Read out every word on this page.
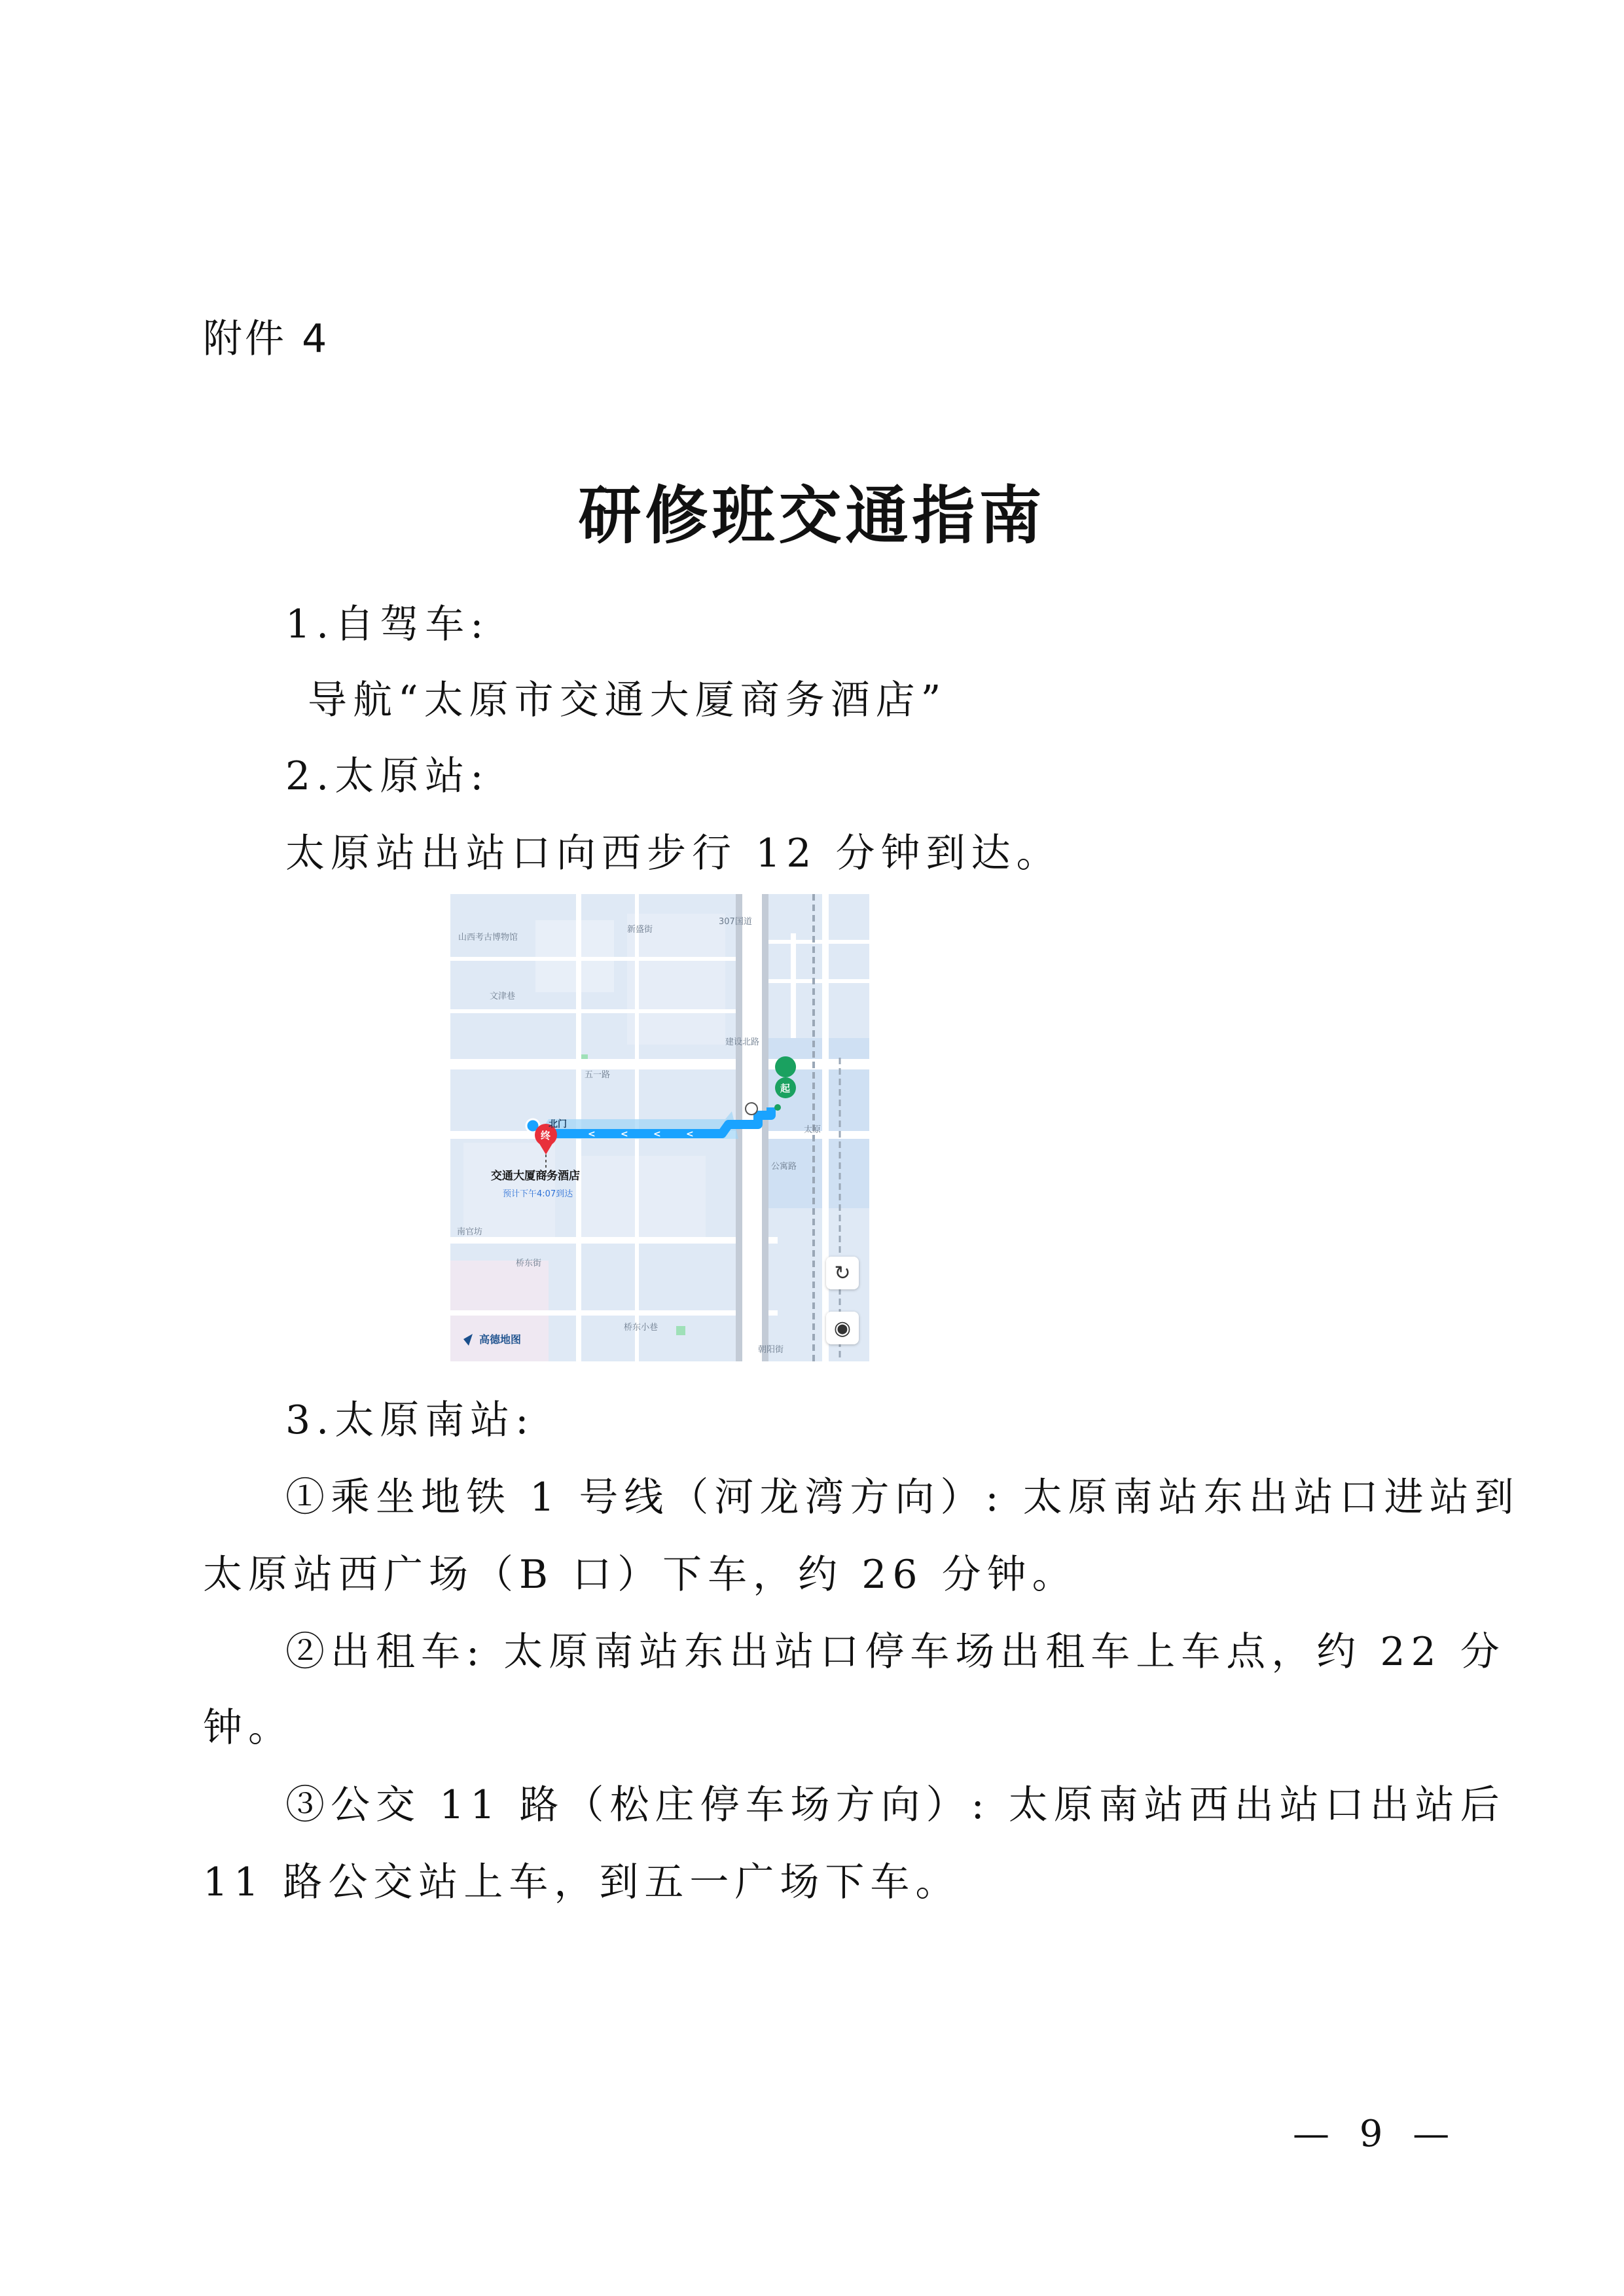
附件 4
研修班交通指南
1.自驾车:
导航“太原市交通大厦商务酒店”
2.太原站:
太原站出站口向西步行 12 分钟到达。
<	<	<	<
山西考古博物馆
新盛街
文津巷
五一路
太原
公寓路
桥东街
桥东小巷
朝阳街
南官坊
307国道
建设北路
北门
交通大厦商务酒店
预计下午4:07到达
起
终
高德地图
↻
◉
3.太原南站:
①乘坐地铁 1 号线（河龙湾方向）: 太原南站东出站口进站到
太原站西广场（B 口）下车，约 26 分钟。
②出租车: 太原南站东出站口停车场出租车上车点，约 22 分
钟。
③公交 11 路（松庄停车场方向）: 太原南站西出站口出站后
11 路公交站上车，到五一广场下车。
— 9 —
